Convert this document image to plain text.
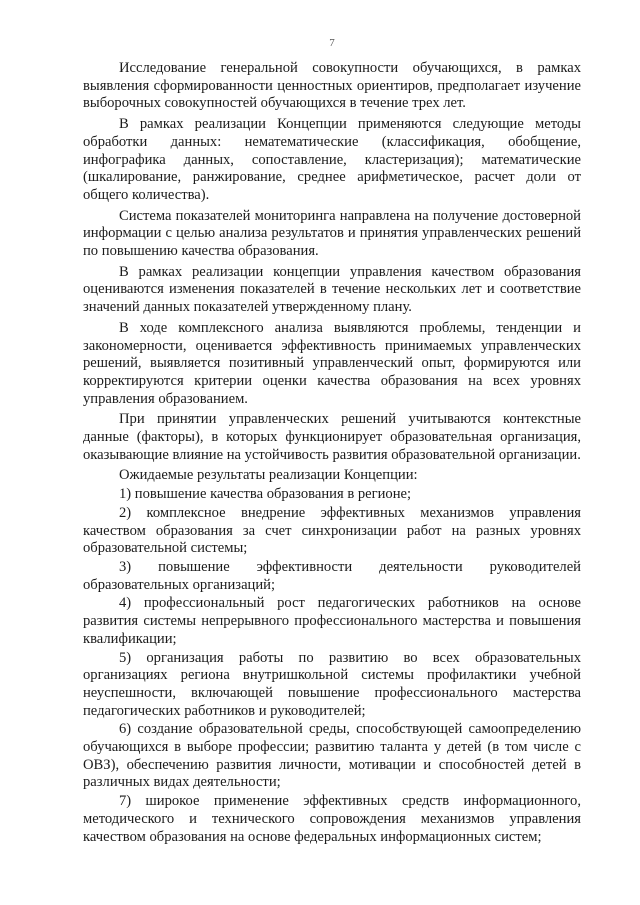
7

Исследование генеральной совокупности обучающихся, в рамках выявления сформированности ценностных ориентиров, предполагает изучение выборочных совокупностей обучающихся в течение трех лет.

В рамках реализации Концепции применяются следующие методы обработки данных: нематематические (классификация, обобщение, инфографика данных, сопоставление, кластеризация); математические (шкалирование, ранжирование, среднее арифметическое, расчет доли от общего количества).

Система показателей мониторинга направлена на получение достоверной информации с целью анализа результатов и принятия управленческих решений по повышению качества образования.

В рамках реализации концепции управления качеством образования оцениваются изменения показателей в течение нескольких лет и соответствие значений данных показателей утвержденному плану.

В ходе комплексного анализа выявляются проблемы, тенденции и закономерности, оценивается эффективность принимаемых управленческих решений, выявляется позитивный управленческий опыт, формируются или корректируются критерии оценки качества образования на всех уровнях управления образованием.

При принятии управленческих решений учитываются контекстные данные (факторы), в которых функционирует образовательная организация, оказывающие влияние на устойчивость развития образовательной организации.

Ожидаемые результаты реализации Концепции:

1) повышение качества образования в регионе;

2) комплексное внедрение эффективных механизмов управления качеством образования за счет синхронизации работ на разных уровнях образовательной системы;

3) повышение эффективности деятельности руководителей образовательных организаций;

4) профессиональный рост педагогических работников на основе развития системы непрерывного профессионального мастерства и повышения квалификации;

5) организация работы по развитию во всех образовательных организациях региона внутришкольной системы профилактики учебной неуспешности, включающей повышение профессионального мастерства педагогических работников и руководителей;

6) создание образовательной среды, способствующей самоопределению обучающихся в выборе профессии; развитию таланта у детей (в том числе с ОВЗ), обеспечению развития личности, мотивации и способностей детей в различных видах деятельности;

7) широкое применение эффективных средств информационного, методического и технического сопровождения механизмов управления качеством образования на основе федеральных информационных систем;
